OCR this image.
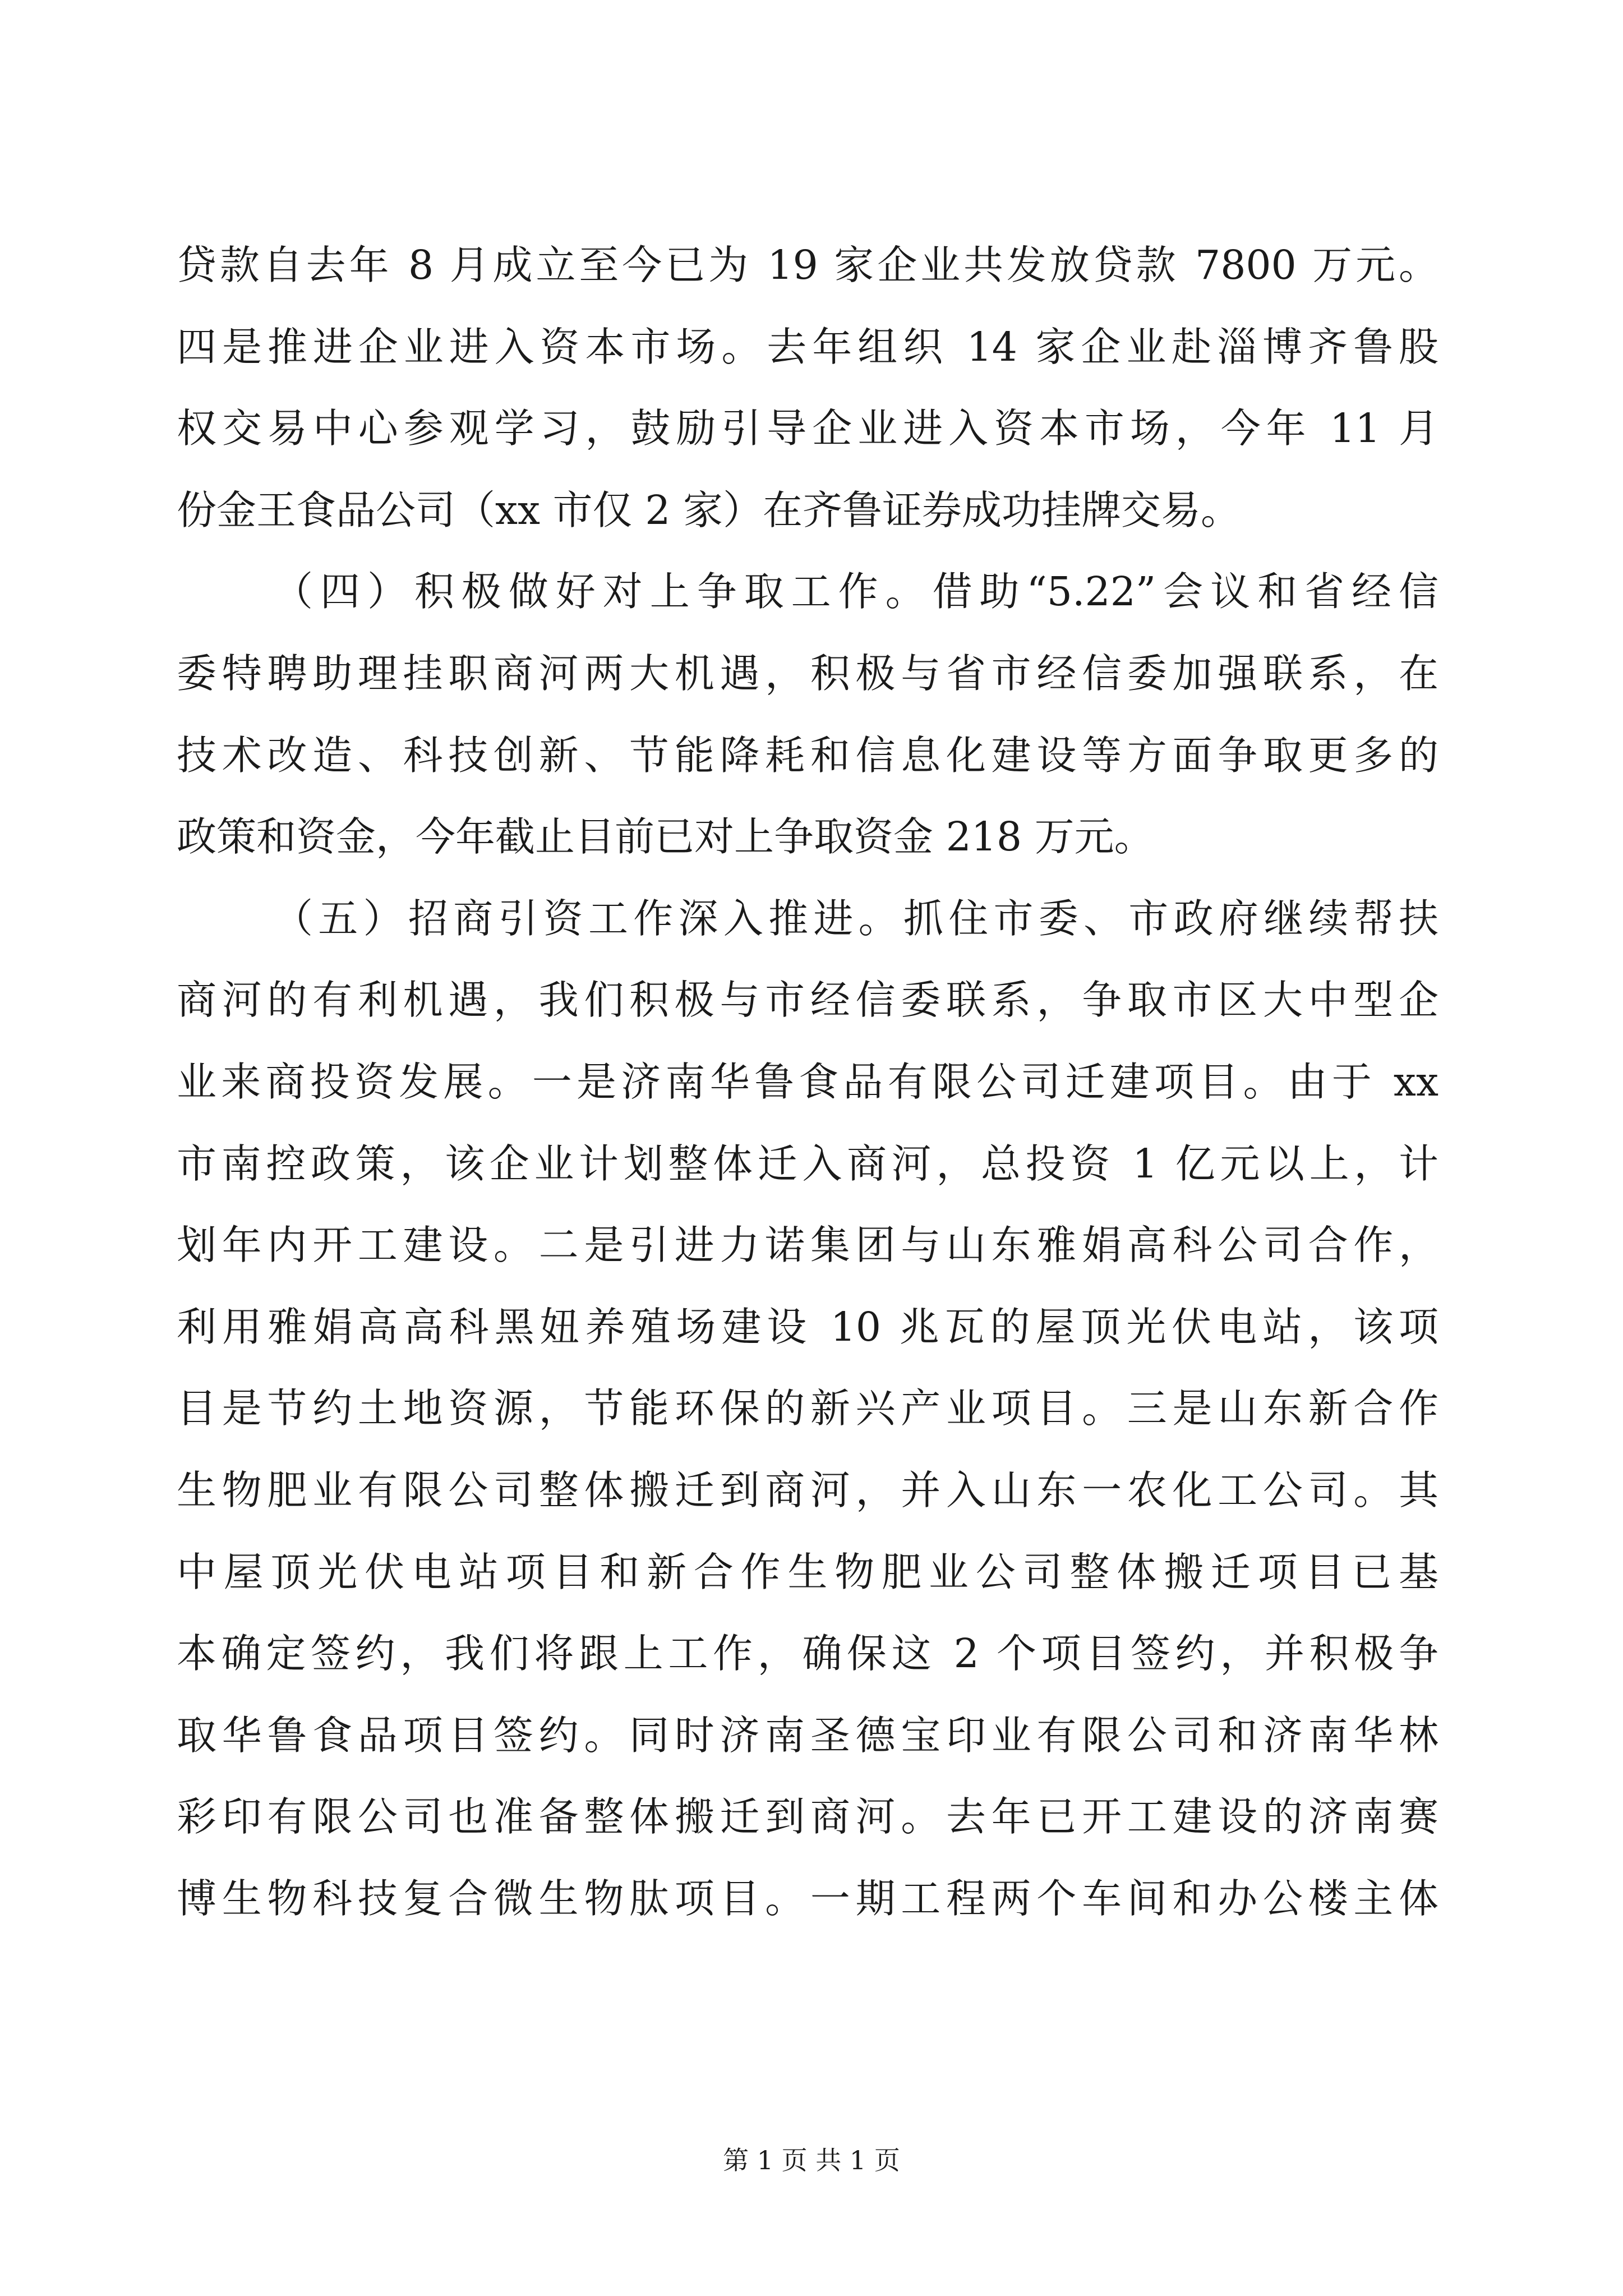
贷款自去年 8 月成立至今已为 19 家企业共发放贷款 7800 万元。
四是推进企业进入资本市场。去年组织 14 家企业赴淄博齐鲁股
权交易中心参观学习，鼓励引导企业进入资本市场，今年 11 月
份金王食品公司（xx 市仅 2 家）在齐鲁证券成功挂牌交易。
（四）积极做好对上争取工作。借助“5.22”会议和省经信
委特聘助理挂职商河两大机遇，积极与省市经信委加强联系，在
技术改造、科技创新、节能降耗和信息化建设等方面争取更多的
政策和资金，今年截止目前已对上争取资金 218 万元。
（五）招商引资工作深入推进。抓住市委、市政府继续帮扶
商河的有利机遇，我们积极与市经信委联系，争取市区大中型企
业来商投资发展。一是济南华鲁食品有限公司迁建项目。由于 xx
市南控政策，该企业计划整体迁入商河，总投资 1 亿元以上，计
划年内开工建设。二是引进力诺集团与山东雅娟高科公司合作，
利用雅娟高高科黑妞养殖场建设 10 兆瓦的屋顶光伏电站，该项
目是节约土地资源，节能环保的新兴产业项目。三是山东新合作
生物肥业有限公司整体搬迁到商河，并入山东一农化工公司。其
中屋顶光伏电站项目和新合作生物肥业公司整体搬迁项目已基
本确定签约，我们将跟上工作，确保这 2 个项目签约，并积极争
取华鲁食品项目签约。同时济南圣德宝印业有限公司和济南华林
彩印有限公司也准备整体搬迁到商河。去年已开工建设的济南赛
博生物科技复合微生物肽项目。一期工程两个车间和办公楼主体
第 1 页 共 1 页
